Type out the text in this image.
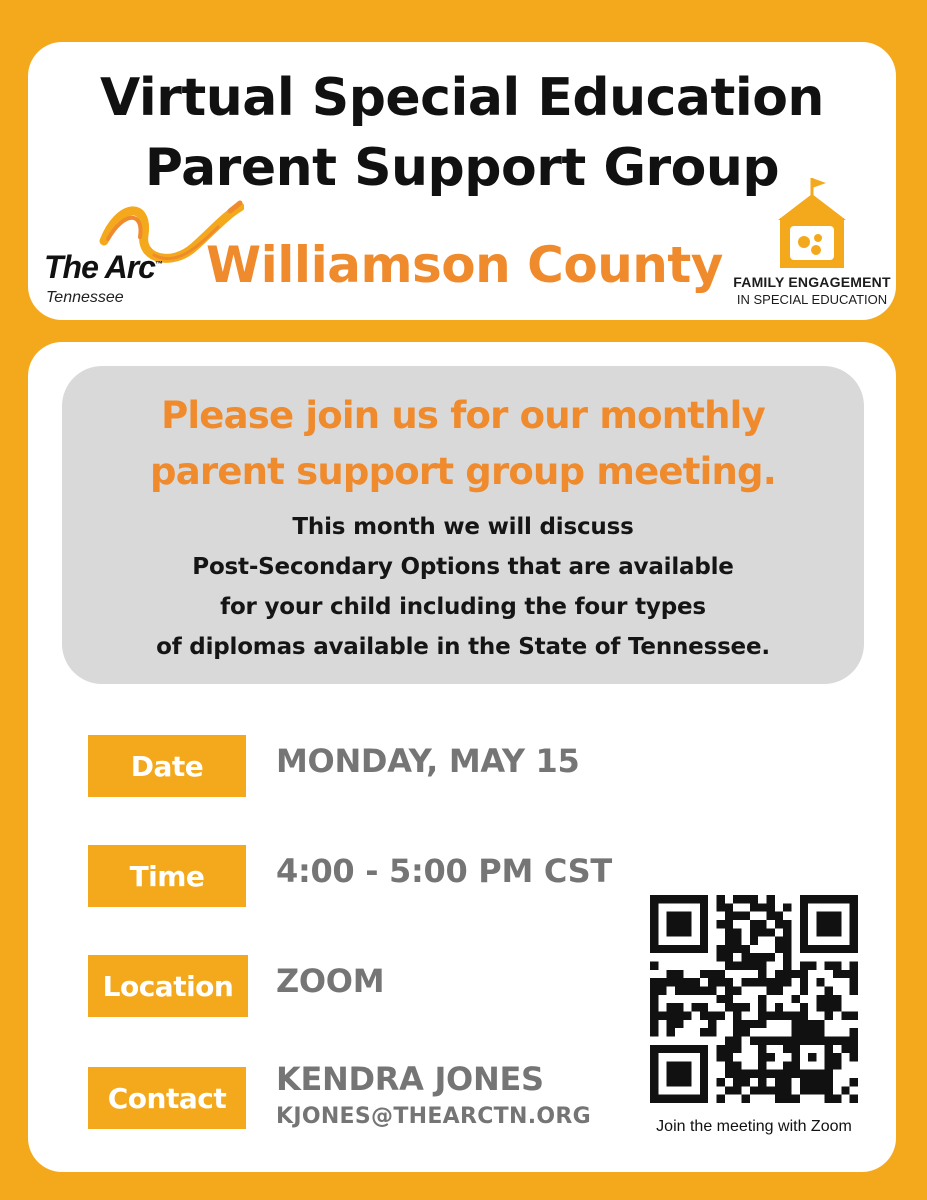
Virtual Special Education
Parent Support Group
The Arc™
Tennessee
Williamson County FAMILY ENGAGEMENT
IN SPECIAL EDUCATION
Please join us for our monthly
parent support group meeting.
This month we will discuss
Post-Secondary Options that are available
for your child including the four types
of diplomas available in the State of Tennessee.
Date	MONDAY, MAY 15
Time	4:00 - 5:00 PM CST
Location	ZOOM
Contact	KENDRA JONES
KJONES@THEARCTN.ORG	Join the meeting with Zoom
